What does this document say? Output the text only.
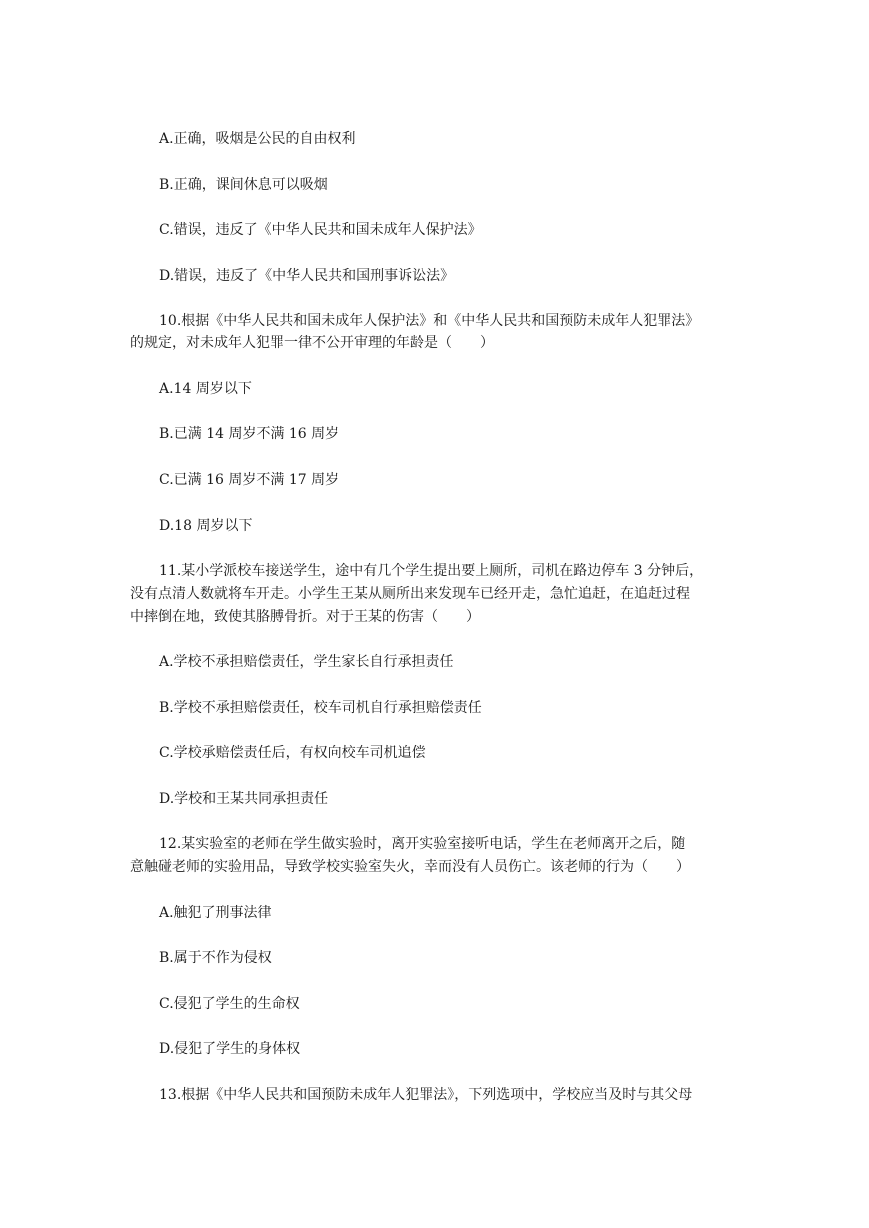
A.正确，吸烟是公民的自由权利
B.正确，课间休息可以吸烟
C.错误，违反了《中华人民共和国未成年人保护法》
D.错误，违反了《中华人民共和国刑事诉讼法》
10.根据《中华人民共和国未成年人保护法》和《中华人民共和国预防未成年人犯罪法》
的规定，对未成年人犯罪一律不公开审理的年龄是（　　）
A.14 周岁以下
B.已满 14 周岁不满 16 周岁
C.已满 16 周岁不满 17 周岁
D.18 周岁以下
11.某小学派校车接送学生，途中有几个学生提出要上厕所，司机在路边停车 3 分钟后，
没有点清人数就将车开走。小学生王某从厕所出来发现车已经开走，急忙追赶，在追赶过程
中摔倒在地，致使其胳膊骨折。对于王某的伤害（　　）
A.学校不承担赔偿责任，学生家长自行承担责任
B.学校不承担赔偿责任，校车司机自行承担赔偿责任
C.学校承赔偿责任后，有权向校车司机追偿
D.学校和王某共同承担责任
12.某实验室的老师在学生做实验时，离开实验室接听电话，学生在老师离开之后，随
意触碰老师的实验用品，导致学校实验室失火，幸而没有人员伤亡。该老师的行为（　　）
A.触犯了刑事法律
B.属于不作为侵权
C.侵犯了学生的生命权
D.侵犯了学生的身体权
13.根据《中华人民共和国预防未成年人犯罪法》，下列选项中，学校应当及时与其父母
